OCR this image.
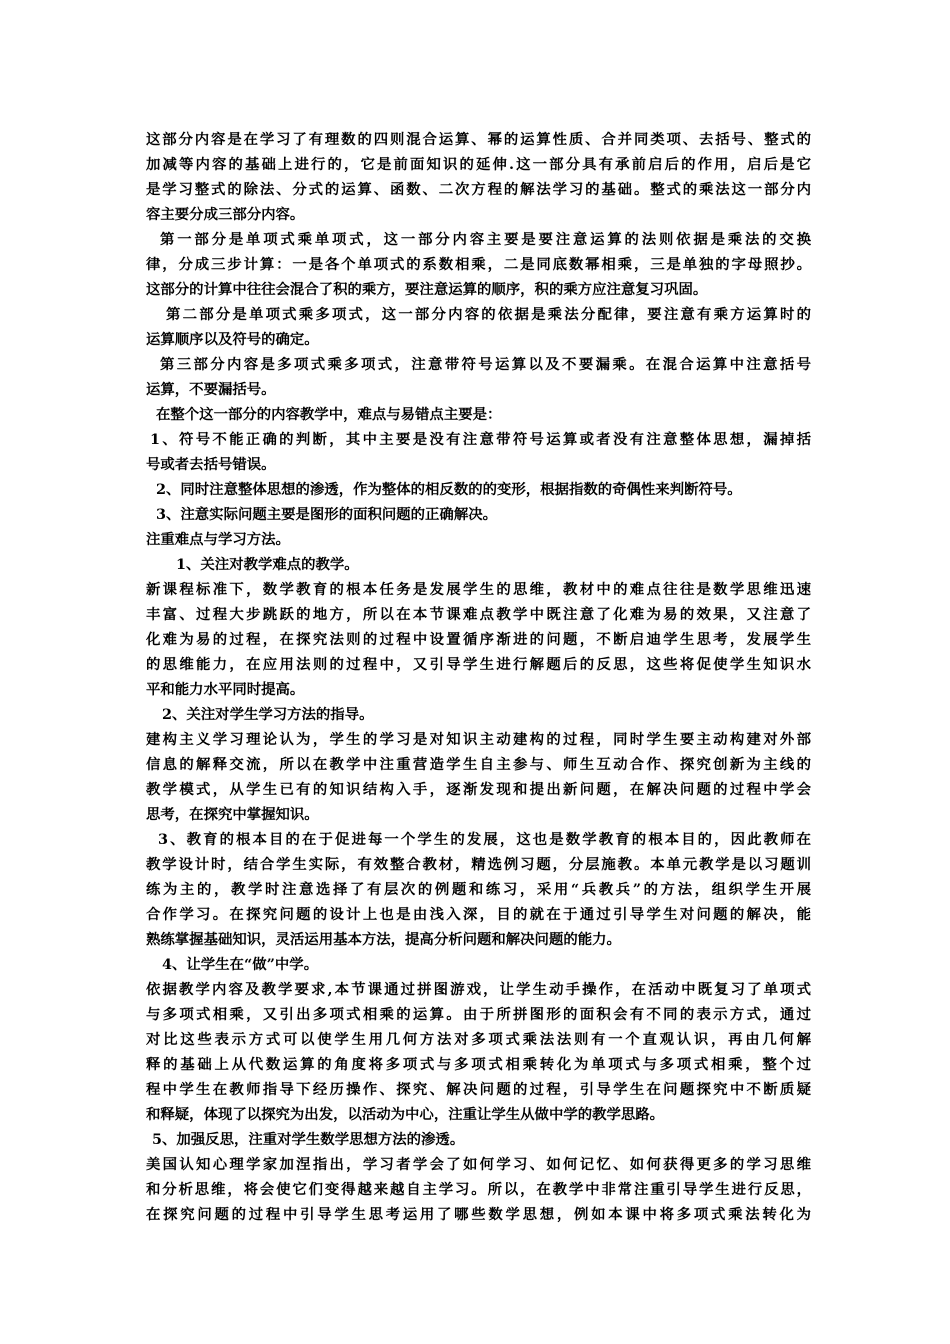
这部分内容是在学习了有理数的四则混合运算、幂的运算性质、合并同类项、去括号、整式的
加减等内容的基础上进行的，它是前面知识的延伸.这一部分具有承前启后的作用，启后是它
是学习整式的除法、分式的运算、函数、二次方程的解法学习的基础。整式的乘法这一部分内
容主要分成三部分内容。
第一部分是单项式乘单项式，这一部分内容主要是要注意运算的法则依据是乘法的交换
律，分成三步计算：一是各个单项式的系数相乘，二是同底数幂相乘，三是单独的字母照抄。
这部分的计算中往往会混合了积的乘方，要注意运算的顺序，积的乘方应注意复习巩固。
第二部分是单项式乘多项式，这一部分内容的依据是乘法分配律，要注意有乘方运算时的
运算顺序以及符号的确定。
第三部分内容是多项式乘多项式，注意带符号运算以及不要漏乘。在混合运算中注意括号
运算，不要漏括号。
在整个这一部分的内容教学中，难点与易错点主要是：
1、符号不能正确的判断，其中主要是没有注意带符号运算或者没有注意整体思想，漏掉括
号或者去括号错误。
2、同时注意整体思想的渗透，作为整体的相反数的的变形，根据指数的奇偶性来判断符号。
3、注意实际问题主要是图形的面积问题的正确解决。
注重难点与学习方法。
1、关注对教学难点的教学。
新课程标准下，数学教育的根本任务是发展学生的思维，教材中的难点往往是数学思维迅速
丰富、过程大步跳跃的地方，所以在本节课难点教学中既注意了化难为易的效果，又注意了
化难为易的过程，在探究法则的过程中设置循序渐进的问题，不断启迪学生思考，发展学生
的思维能力，在应用法则的过程中，又引导学生进行解题后的反思，这些将促使学生知识水
平和能力水平同时提高。
2、关注对学生学习方法的指导。
建构主义学习理论认为，学生的学习是对知识主动建构的过程，同时学生要主动构建对外部
信息的解释交流，所以在教学中注重营造学生自主参与、师生互动合作、探究创新为主线的
教学模式，从学生已有的知识结构入手，逐渐发现和提出新问题，在解决问题的过程中学会
思考，在探究中掌握知识。
3、教育的根本目的在于促进每一个学生的发展，这也是数学教育的根本目的，因此教师在
教学设计时，结合学生实际，有效整合教材，精选例习题，分层施教。本单元教学是以习题训
练为主的，教学时注意选择了有层次的例题和练习，采用“兵教兵”的方法，组织学生开展
合作学习。在探究问题的设计上也是由浅入深，目的就在于通过引导学生对问题的解决，能
熟练掌握基础知识，灵活运用基本方法，提高分析问题和解决问题的能力。
4、让学生在“做”中学。
依据教学内容及教学要求,本节课通过拼图游戏，让学生动手操作，在活动中既复习了单项式
与多项式相乘，又引出多项式相乘的运算。由于所拼图形的面积会有不同的表示方式，通过
对比这些表示方式可以使学生用几何方法对多项式乘法法则有一个直观认识，再由几何解
释的基础上从代数运算的角度将多项式与多项式相乘转化为单项式与多项式相乘，整个过
程中学生在教师指导下经历操作、探究、解决问题的过程，引导学生在问题探究中不断质疑
和释疑，体现了以探究为出发，以活动为中心，注重让学生从做中学的教学思路。
5、加强反思，注重对学生数学思想方法的渗透。
美国认知心理学家加涅指出，学习者学会了如何学习、如何记忆、如何获得更多的学习思维
和分析思维，将会使它们变得越来越自主学习。所以，在教学中非常注重引导学生进行反思，
在探究问题的过程中引导学生思考运用了哪些数学思想，例如本课中将多项式乘法转化为
